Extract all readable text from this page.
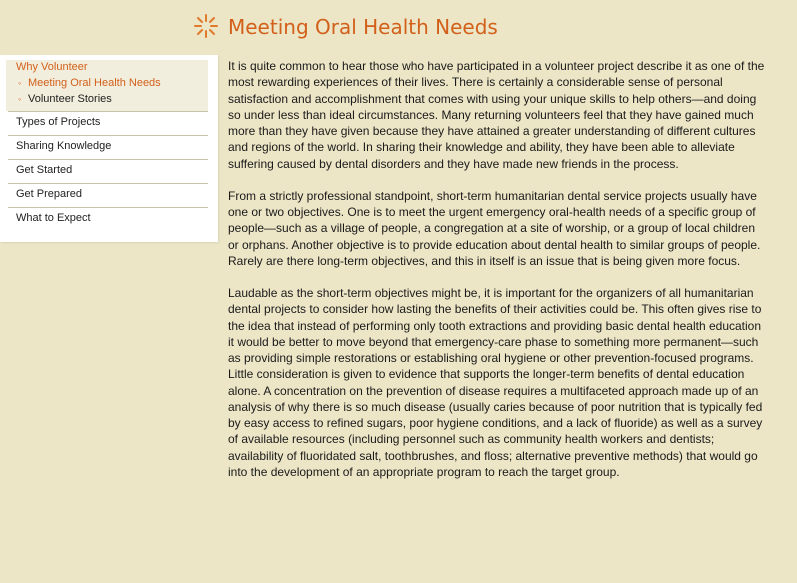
Why Volunteer
◦ Meeting Oral Health Needs
◦ Volunteer Stories
Types of Projects
Sharing Knowledge
Get Started
Get Prepared
What to Expect
Meeting Oral Health Needs

It is quite common to hear those who have participated in a volunteer project describe it as one of the most rewarding experiences of their lives. There is certainly a considerable sense of personal satisfaction and accomplishment that comes with using your unique skills to help others—and doing so under less than ideal circumstances. Many returning volunteers feel that they have gained much more than they have given because they have attained a greater understanding of different cultures and regions of the world. In sharing their knowledge and ability, they have been able to alleviate suffering caused by dental disorders and they have made new friends in the process.

From a strictly professional standpoint, short-term humanitarian dental service projects usually have one or two objectives. One is to meet the urgent emergency oral-health needs of a specific group of people—such as a village of people, a congregation at a site of worship, or a group of local children or orphans. Another objective is to provide education about dental health to similar groups of people. Rarely are there long-term objectives, and this in itself is an issue that is being given more focus.

Laudable as the short-term objectives might be, it is important for the organizers of all humanitarian dental projects to consider how lasting the benefits of their activities could be. This often gives rise to the idea that instead of performing only tooth extractions and providing basic dental health education it would be better to move beyond that emergency-care phase to something more permanent—such as providing simple restorations or establishing oral hygiene or other prevention-focused programs. Little consideration is given to evidence that supports the longer-term benefits of dental education alone. A concentration on the prevention of disease requires a multifaceted approach made up of an analysis of why there is so much disease (usually caries because of poor nutrition that is typically fed by easy access to refined sugars, poor hygiene conditions, and a lack of fluoride) as well as a survey of available resources (including personnel such as community health workers and dentists; availability of fluoridated salt, toothbrushes, and floss; alternative preventive methods) that would go into the development of an appropriate program to reach the target group.
